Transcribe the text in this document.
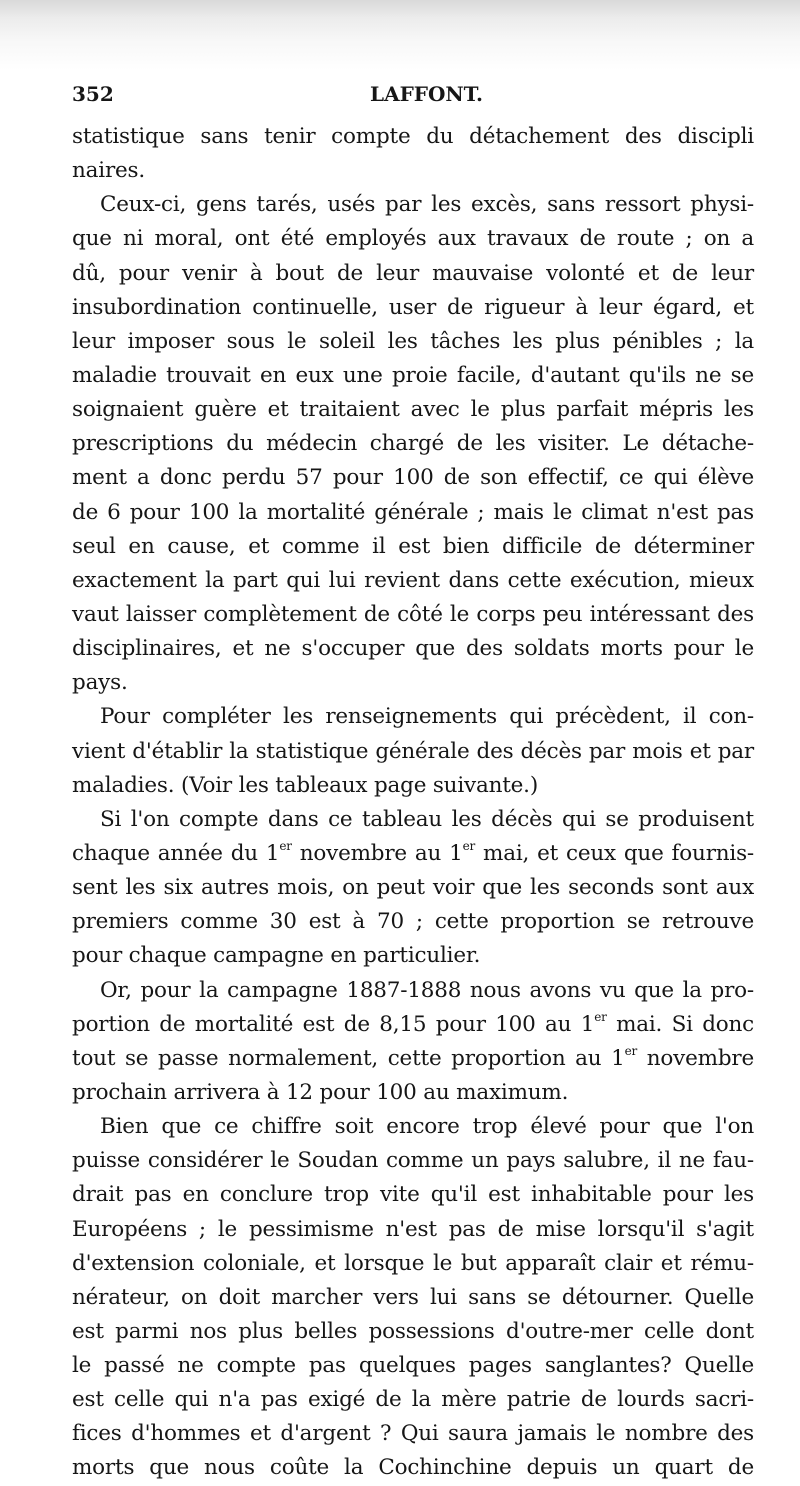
352	LAFFONT.
statistique sans tenir compte du détachement des discipli
naires.
Ceux-ci, gens tarés, usés par les excès, sans ressort physi-
que ni moral, ont été employés aux travaux de route ; on a
dû, pour venir à bout de leur mauvaise volonté et de leur
insubordination continuelle, user de rigueur à leur égard, et
leur imposer sous le soleil les tâches les plus pénibles ; la
maladie trouvait en eux une proie facile, d'autant qu'ils ne se
soignaient guère et traitaient avec le plus parfait mépris les
prescriptions du médecin chargé de les visiter. Le détache-
ment a donc perdu 57 pour 100 de son effectif, ce qui élève
de 6 pour 100 la mortalité générale ; mais le climat n'est pas
seul en cause, et comme il est bien difficile de déterminer
exactement la part qui lui revient dans cette exécution, mieux
vaut laisser complètement de côté le corps peu intéressant des
disciplinaires, et ne s'occuper que des soldats morts pour le
pays.
Pour compléter les renseignements qui précèdent, il con-
vient d'établir la statistique générale des décès par mois et par
maladies. (Voir les tableaux page suivante.)
Si l'on compte dans ce tableau les décès qui se produisent
chaque année du 1er novembre au 1er mai, et ceux que fournis-
sent les six autres mois, on peut voir que les seconds sont aux
premiers comme 30 est à 70 ; cette proportion se retrouve
pour chaque campagne en particulier.
Or, pour la campagne 1887-1888 nous avons vu que la pro-
portion de mortalité est de 8,15 pour 100 au 1er mai. Si donc
tout se passe normalement, cette proportion au 1er novembre
prochain arrivera à 12 pour 100 au maximum.
Bien que ce chiffre soit encore trop élevé pour que l'on
puisse considérer le Soudan comme un pays salubre, il ne fau-
drait pas en conclure trop vite qu'il est inhabitable pour les
Européens ; le pessimisme n'est pas de mise lorsqu'il s'agit
d'extension coloniale, et lorsque le but apparaît clair et rému-
nérateur, on doit marcher vers lui sans se détourner. Quelle
est parmi nos plus belles possessions d'outre-mer celle dont
le passé ne compte pas quelques pages sanglantes? Quelle
est celle qui n'a pas exigé de la mère patrie de lourds sacri-
fices d'hommes et d'argent ? Qui saura jamais le nombre des
morts que nous coûte la Cochinchine depuis un quart de
